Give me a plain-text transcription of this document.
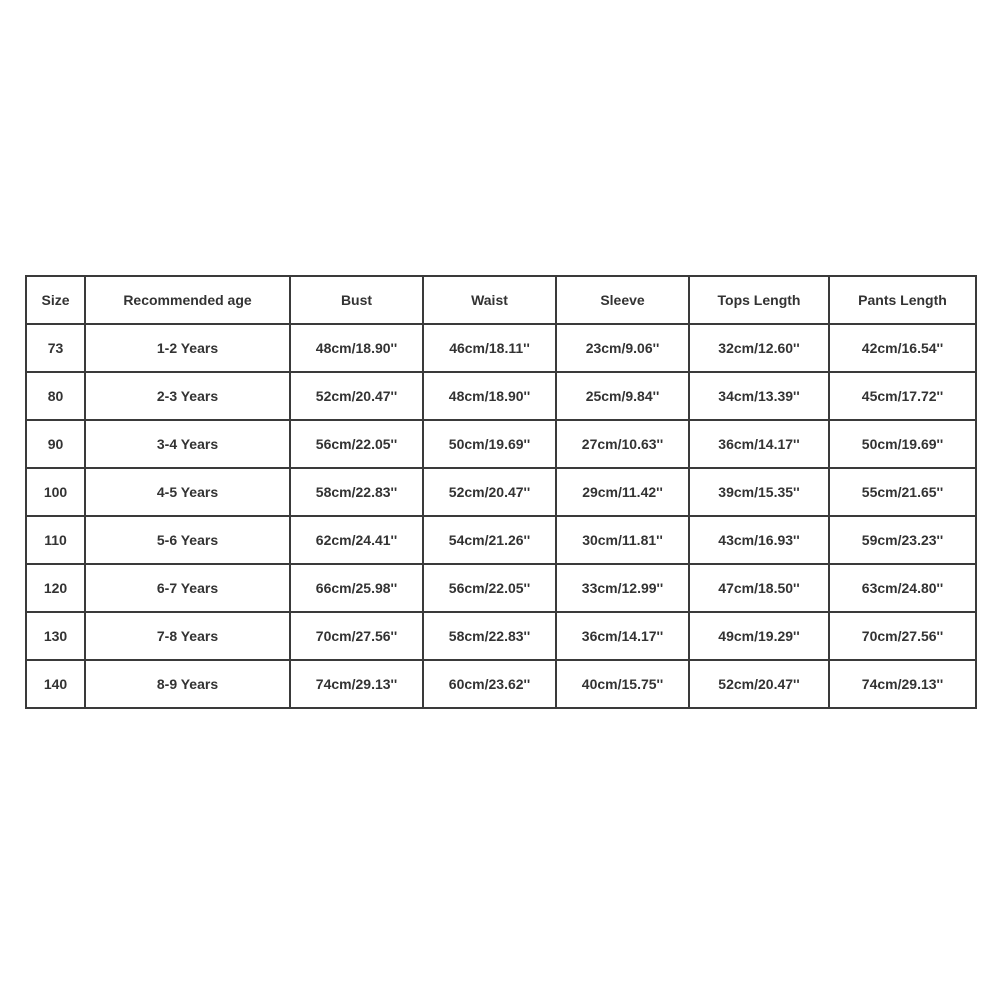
Size	Recommended age	Bust	Waist	Sleeve	Tops Length	Pants Length
73	1-2 Years	48cm/18.90''	46cm/18.11''	23cm/9.06''	32cm/12.60''	42cm/16.54''
80	2-3 Years	52cm/20.47''	48cm/18.90''	25cm/9.84''	34cm/13.39''	45cm/17.72''
90	3-4 Years	56cm/22.05''	50cm/19.69''	27cm/10.63''	36cm/14.17''	50cm/19.69''
100	4-5 Years	58cm/22.83''	52cm/20.47''	29cm/11.42''	39cm/15.35''	55cm/21.65''
110	5-6 Years	62cm/24.41''	54cm/21.26''	30cm/11.81''	43cm/16.93''	59cm/23.23''
120	6-7 Years	66cm/25.98''	56cm/22.05''	33cm/12.99''	47cm/18.50''	63cm/24.80''
130	7-8 Years	70cm/27.56''	58cm/22.83''	36cm/14.17''	49cm/19.29''	70cm/27.56''
140	8-9 Years	74cm/29.13''	60cm/23.62''	40cm/15.75''	52cm/20.47''	74cm/29.13''
